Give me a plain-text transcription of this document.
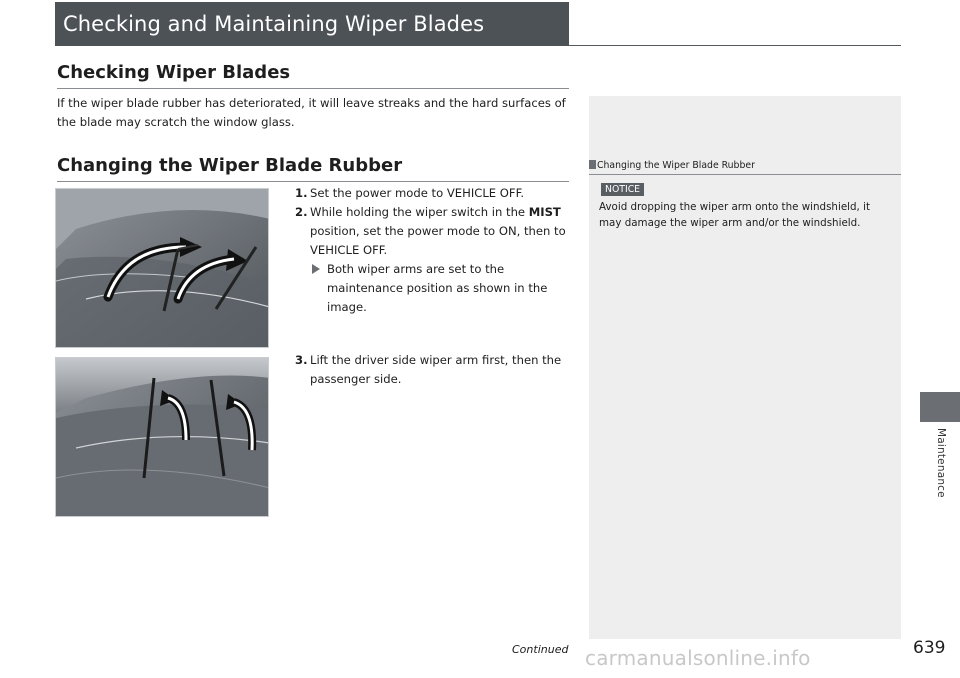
Checking and Maintaining Wiper Blades
Checking Wiper Blades

If the wiper blade rubber has deteriorated, it will leave streaks and the hard surfaces of the blade may scratch the window glass.

Changing the Wiper Blade Rubber
1. Set the power mode to VEHICLE OFF.
2. While holding the wiper switch in the MIST position, set the power mode to ON, then to VEHICLE OFF.
Both wiper arms are set to the maintenance position as shown in the image.
3. Lift the driver side wiper arm first, then the passenger side.
Changing the Wiper Blade Rubber
NOTICE

Avoid dropping the wiper arm onto the windshield, it may damage the wiper arm and/or the windshield.

Maintenance
Continued carmanualsonline.info	639
